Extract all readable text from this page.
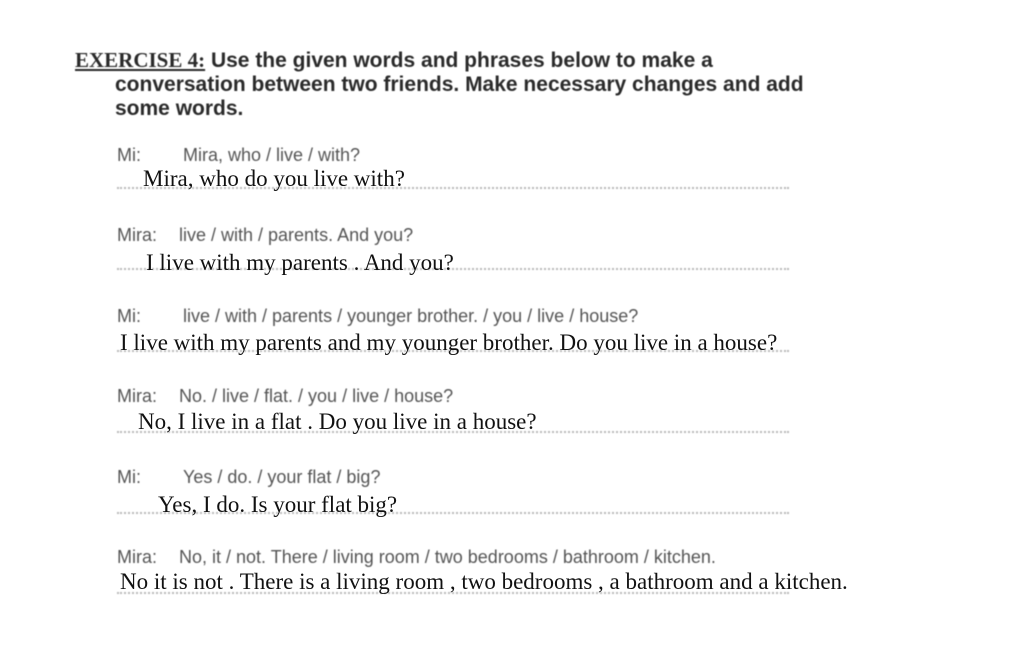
EXERCISE 4: Use the given words and phrases below to make a
conversation between two friends. Make necessary changes and add
some words.
Mi: Mira, who / live / with?
Mira, who do you live with?
Mira: live / with / parents. And you?
I live with my parents . And you?
Mi: live / with / parents / younger brother. / you / live / house?
I live with my parents and my younger brother. Do you live in a house?
Mira: No. / live / flat. / you / live / house?
No, I live in a flat . Do you live in a house?
Mi: Yes / do. / your flat / big?
Yes, I do. Is your flat big?
Mira: No, it / not. There / living room / two bedrooms / bathroom / kitchen.
No it is not . There is a living room , two bedrooms , a bathroom and a kitchen.
